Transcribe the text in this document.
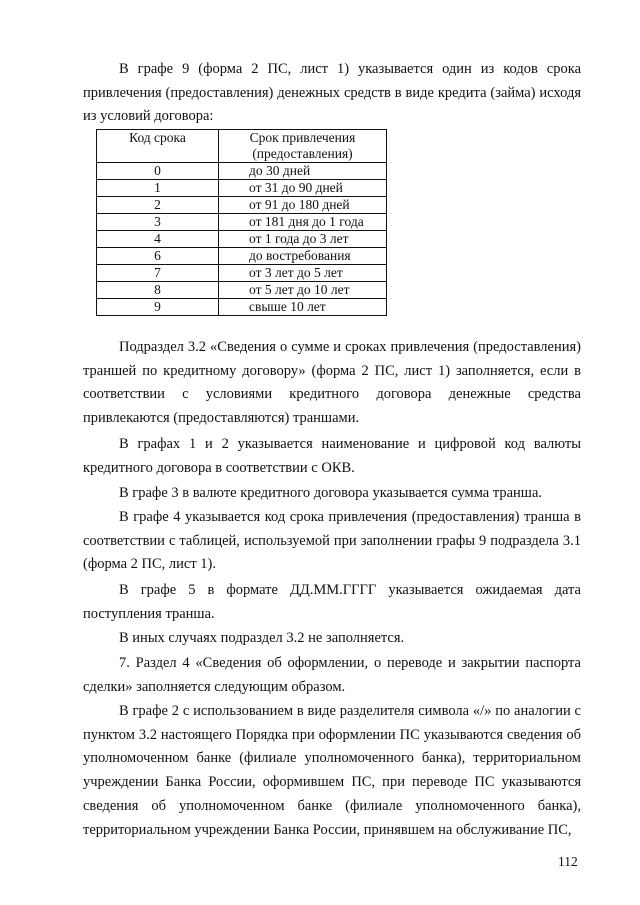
В графе 9 (форма 2 ПС, лист 1) указывается один из кодов срока привлечения (предоставления) денежных средств в виде кредита (займа) исходя из условий договора:

Код срока	Срок привлечения (предоставления)
0	до 30 дней
1	от 31 до 90 дней
2	от 91 до 180 дней
3	от 181 дня до 1 года
4	от 1 года до 3 лет
6	до востребования
7	от 3 лет до 5 лет
8	от 5 лет до 10 лет
9	свыше 10 лет

Подраздел 3.2 «Сведения о сумме и сроках привлечения (предоставления) траншей по кредитному договору» (форма 2 ПС, лист 1) заполняется, если в соответствии с условиями кредитного договора денежные средства привлекаются (предоставляются) траншами.

В графах 1 и 2 указывается наименование и цифровой код валюты кредитного договора в соответствии с ОКВ.

В графе 3 в валюте кредитного договора указывается сумма транша.

В графе 4 указывается код срока привлечения (предоставления) транша в соответствии с таблицей, используемой при заполнении графы 9 подраздела 3.1 (форма 2 ПС, лист 1).

В графе 5 в формате ДД.ММ.ГГГГ указывается ожидаемая дата поступления транша.

В иных случаях подраздел 3.2 не заполняется.

7. Раздел 4 «Сведения об оформлении, о переводе и закрытии паспорта сделки» заполняется следующим образом.

В графе 2 с использованием в виде разделителя символа «/» по аналогии с пунктом 3.2 настоящего Порядка при оформлении ПС указываются сведения об уполномоченном банке (филиале уполномоченного банка), территориальном учреждении Банка России, оформившем ПС, при переводе ПС указываются сведения об уполномоченном банке (филиале уполномоченного банка), территориальном учреждении Банка России, принявшем на обслуживание ПС,

112
